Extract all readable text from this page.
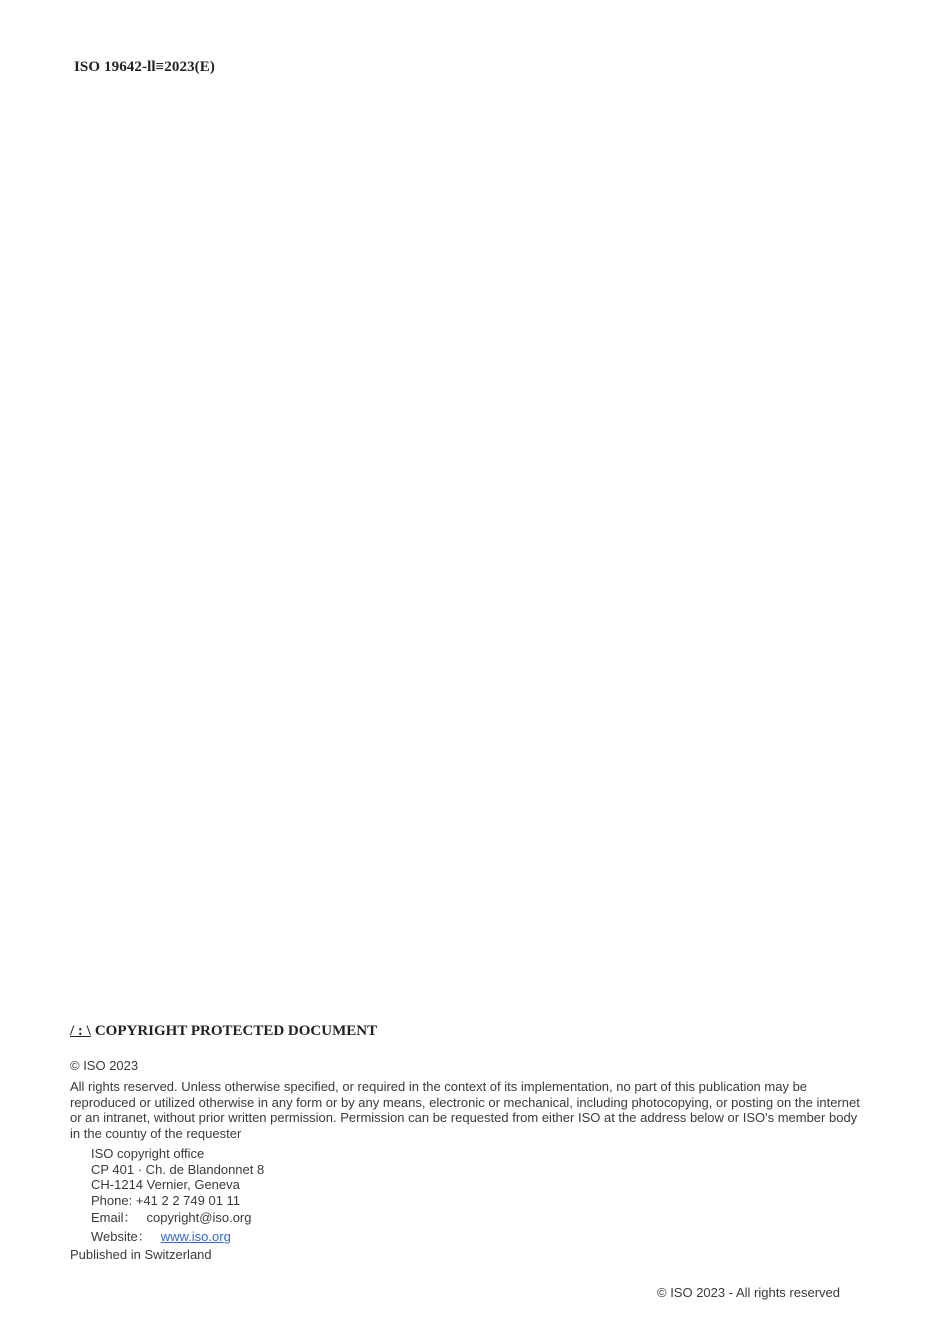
ISO 19642-ll≡2023(E)
/ : \ COPYRIGHT PROTECTED DOCUMENT
© ISO 2023
All rights reserved. Unless otherwise specified, or required in the context of its implementation, no part of this publication may be reproduced or utilized otherwise in any form or by any means, electronic or mechanical, including photocopying, or posting on the internet or an intranet, without prior written permission. Permission can be requested from either ISO at the address below or ISO's member body in the countιy of the requester
ISO copyright office
CP 401 · Ch. de Blandonnet 8
CH-1214 Vernier, Geneva
Phone: +41 2 2 749 01 11
Email： copyright@iso.org
Website： www.iso.org
Published in Switzerland
© ISO 2023 - All rights reserved
